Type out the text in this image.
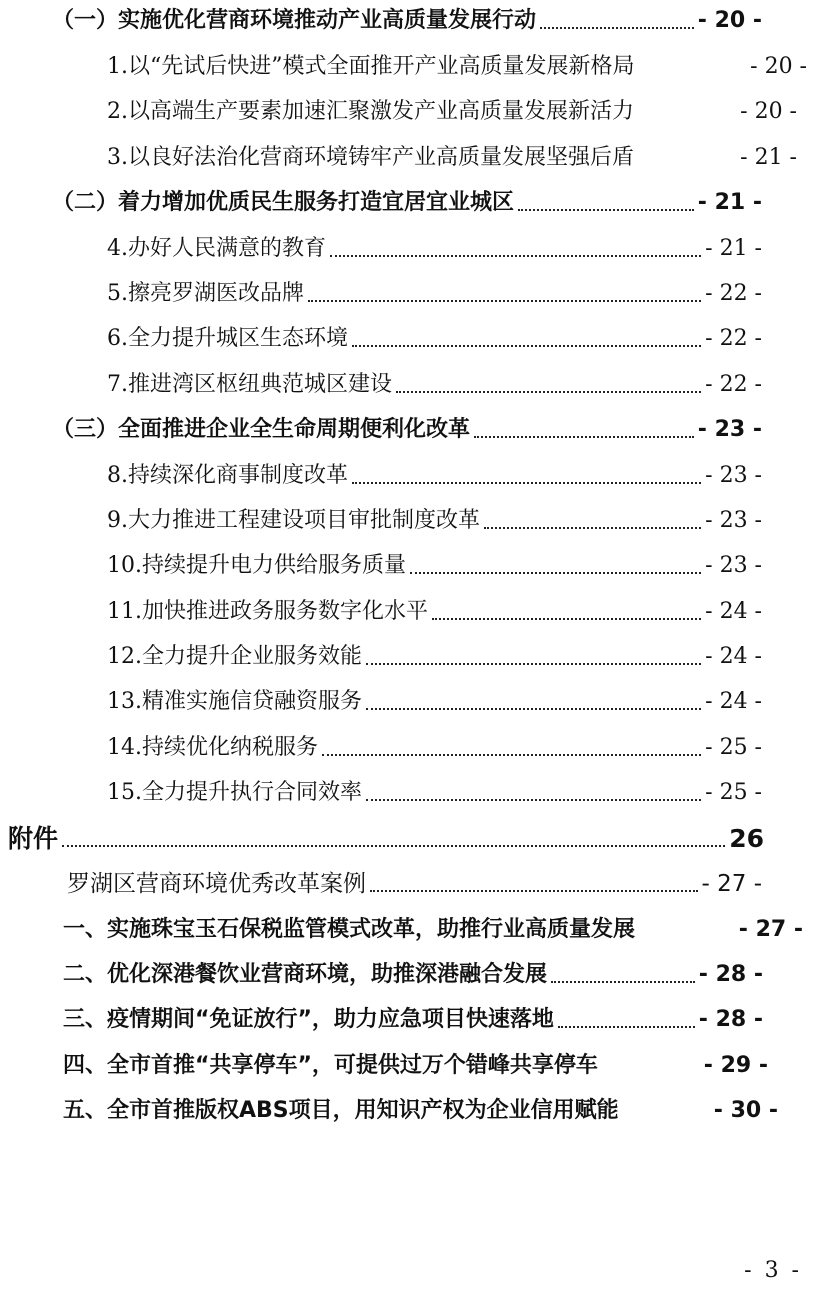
（一）实施优化营商环境推动产业高质量发展行动	- 20 -
1.以“先试后快进”模式全面推开产业高质量发展新格局	- 20 -
2.以高端生产要素加速汇聚激发产业高质量发展新活力	- 20 -
3.以良好法治化营商环境铸牢产业高质量发展坚强后盾	- 21 -
（二）着力增加优质民生服务打造宜居宜业城区	- 21 -
4.办好人民满意的教育	- 21 -
5.擦亮罗湖医改品牌	- 22 -
6.全力提升城区生态环境	- 22 -
7.推进湾区枢纽典范城区建设	- 22 -
（三）全面推进企业全生命周期便利化改革	- 23 -
8.持续深化商事制度改革	- 23 -
9.大力推进工程建设项目审批制度改革	- 23 -
10.持续提升电力供给服务质量	- 23 -
11.加快推进政务服务数字化水平	- 24 -
12.全力提升企业服务效能	- 24 -
13.精准实施信贷融资服务	- 24 -
14.持续优化纳税服务	- 25 -
15.全力提升执行合同效率	- 25 -
附件	26
罗湖区营商环境优秀改革案例	- 27 -
一、实施珠宝玉石保税监管模式改革，助推行业高质量发展	- 27 -
二、优化深港餐饮业营商环境，助推深港融合发展	- 28 -
三、疫情期间“免证放行”，助力应急项目快速落地	- 28 -
四、全市首推“共享停车”，可提供过万个错峰共享停车	- 29 -
五、全市首推版权ABS项目，用知识产权为企业信用赋能	- 30 -
- 3 -
